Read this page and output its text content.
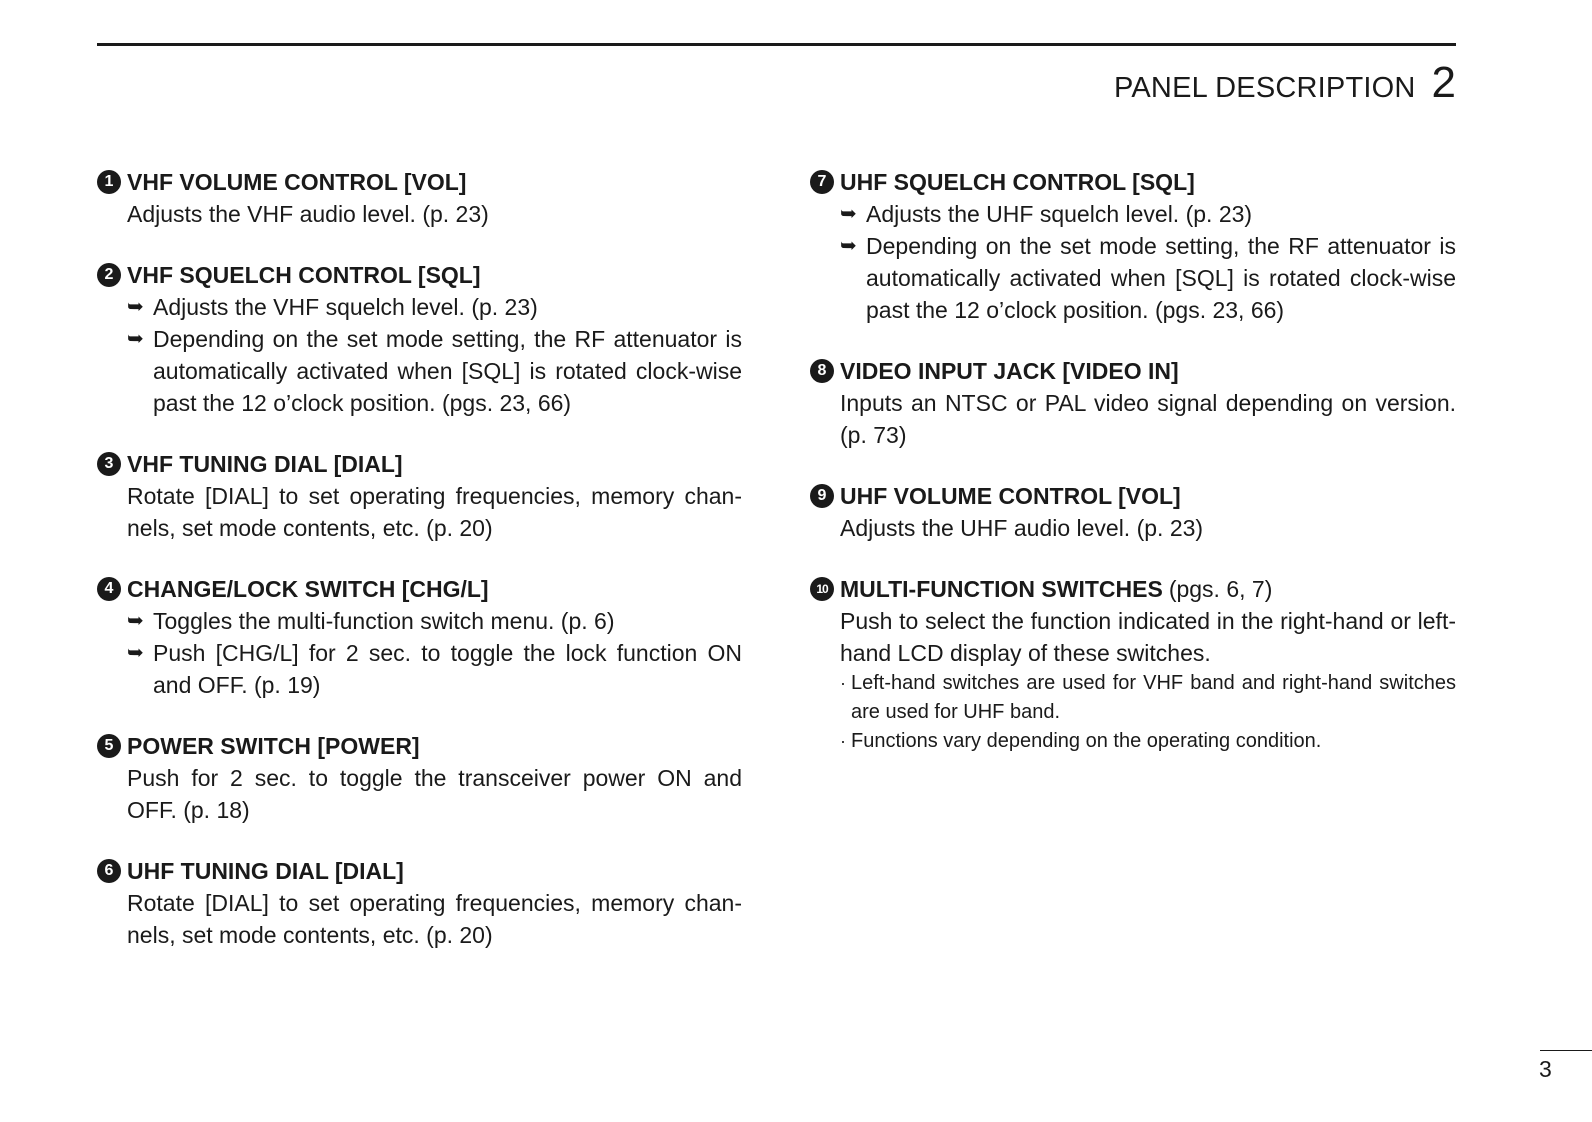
PANEL DESCRIPTION 2
1 VHF VOLUME CONTROL [VOL]
Adjusts the VHF audio level. (p. 23)
2 VHF SQUELCH CONTROL [SQL]
➥ Adjusts the VHF squelch level. (p. 23)
➥ Depending on the set mode setting, the RF attenuator is automatically activated when [SQL] is rotated clock-wise past the 12 o’clock position. (pgs. 23, 66)
3 VHF TUNING DIAL [DIAL]
Rotate [DIAL] to set operating frequencies, memory chan-nels, set mode contents, etc. (p. 20)
4 CHANGE/LOCK SWITCH [CHG/L]
➥ Toggles the multi-function switch menu. (p. 6)
➥ Push [CHG/L] for 2 sec. to toggle the lock function ON and OFF. (p. 19)
5 POWER SWITCH [POWER]
Push for 2 sec. to toggle the transceiver power ON and OFF. (p. 18)
6 UHF TUNING DIAL [DIAL]
Rotate [DIAL] to set operating frequencies, memory chan-nels, set mode contents, etc. (p. 20)
7 UHF SQUELCH CONTROL [SQL]
➥ Adjusts the UHF squelch level. (p. 23)
➥ Depending on the set mode setting, the RF attenuator is automatically activated when [SQL] is rotated clock-wise past the 12 o’clock position. (pgs. 23, 66)
8 VIDEO INPUT JACK [VIDEO IN]
Inputs an NTSC or PAL video signal depending on version. (p. 73)
9 UHF VOLUME CONTROL [VOL]
Adjusts the UHF audio level. (p. 23)
10 MULTI-FUNCTION SWITCHES (pgs. 6, 7)
Push to select the function indicated in the right-hand or left-hand LCD display of these switches.
· Left-hand switches are used for VHF band and right-hand switches are used for UHF band.
· Functions vary depending on the operating condition.
3
